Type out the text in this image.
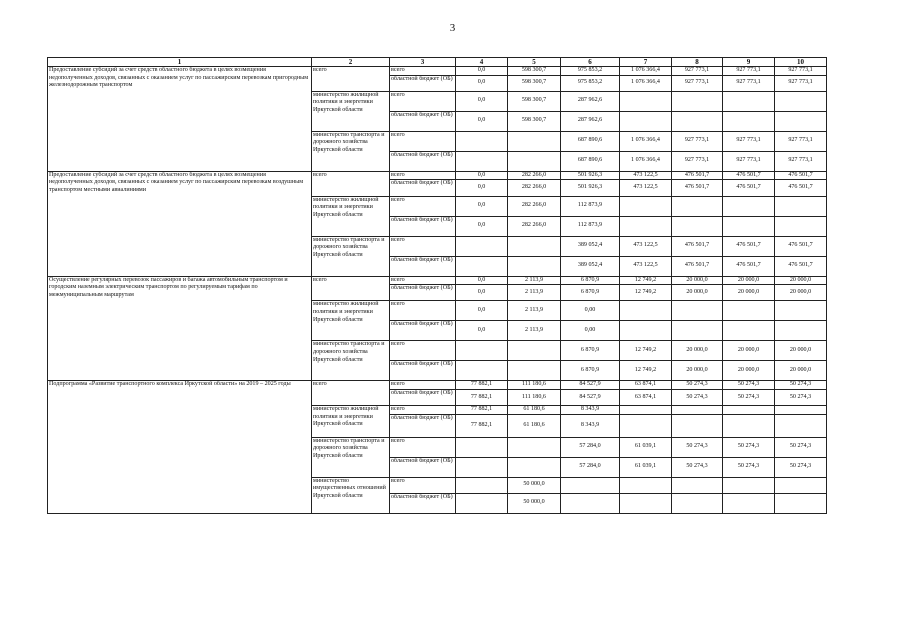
3
1	2	3	4	5	6	7	8	9	10
Предоставление субсидий за счет средств областного бюджета в целях возмещения недополученных доходов, связанных с оказанием услуг по пассажирским перевозкам пригородным железнодорожным транспортом	всего	всего	0,0	598 300,7	975 853,2	1 076 366,4	927 773,1	927 773,1	927 773,1
		областной бюджет (ОБ)	0,0	598 300,7	975 853,2	1 076 366,4	927 773,1	927 773,1	927 773,1
	министерство жилищной политики и энергетики Иркутской области	всего	0,0	598 300,7	287 962,6				
		областной бюджет (ОБ)	0,0	598 300,7	287 962,6				
	министерство транспорта и дорожного хозяйства Иркутской области	всего			687 890,6	1 076 366,4	927 773,1	927 773,1	927 773,1
		областной бюджет (ОБ)			687 890,6	1 076 366,4	927 773,1	927 773,1	927 773,1
Предоставление субсидий за счет средств областного бюджета в целях возмещения недополученных доходов, связанных с оказанием услуг по пассажирским перевозкам воздушным транспортом местными авиалиниями	всего	всего	0,0	282 266,0	501 926,3	473 122,5	476 501,7	476 501,7	476 501,7
		областной бюджет (ОБ)	0,0	282 266,0	501 926,3	473 122,5	476 501,7	476 501,7	476 501,7
	министерство жилищной политики и энергетики Иркутской области	всего	0,0	282 266,0	112 873,9				
		областной бюджет (ОБ)	0,0	282 266,0	112 873,9				
	министерство транспорта и дорожного хозяйства Иркутской области	всего			389 052,4	473 122,5	476 501,7	476 501,7	476 501,7
		областной бюджет (ОБ)			389 052,4	473 122,5	476 501,7	476 501,7	476 501,7
Осуществление регулярных перевозок пассажиров и багажа автомобильным транспортом и городским наземным электрическим транспортом по регулируемым тарифам по межмуниципальным маршрутам	всего	всего	0,0	2 113,9	6 870,9	12 749,2	20 000,0	20 000,0	20 000,0
		областной бюджет (ОБ)	0,0	2 113,9	6 870,9	12 749,2	20 000,0	20 000,0	20 000,0
	министерство жилищной политики и энергетики Иркутской области	всего	0,0	2 113,9	0,00				
		областной бюджет (ОБ)	0,0	2 113,9	0,00				
	министерство транспорта и дорожного хозяйства Иркутской области	всего			6 870,9	12 749,2	20 000,0	20 000,0	20 000,0
		областной бюджет (ОБ)			6 870,9	12 749,2	20 000,0	20 000,0	20 000,0
Подпрограмма «Развитие транспортного комплекса Иркутской области» на 2019 – 2025 годы	всего	всего	77 882,1	111 180,6	84 527,9	63 874,1	50 274,3	50 274,3	50 274,3
		областной бюджет (ОБ)	77 882,1	111 180,6	84 527,9	63 874,1	50 274,3	50 274,3	50 274,3
	министерство жилищной политики и энергетики Иркутской области	всего	77 882,1	61 180,6	8 343,9				
		областной бюджет (ОБ)	77 882,1	61 180,6	8 343,9				
	министерство транспорта и дорожного хозяйства Иркутской области	всего			57 284,0	61 039,1	50 274,3	50 274,3	50 274,3
		областной бюджет (ОБ)			57 284,0	61 039,1	50 274,3	50 274,3	50 274,3
	министерство имущественных отношений Иркутской области	всего		50 000,0					
		областной бюджет (ОБ)		50 000,0					
